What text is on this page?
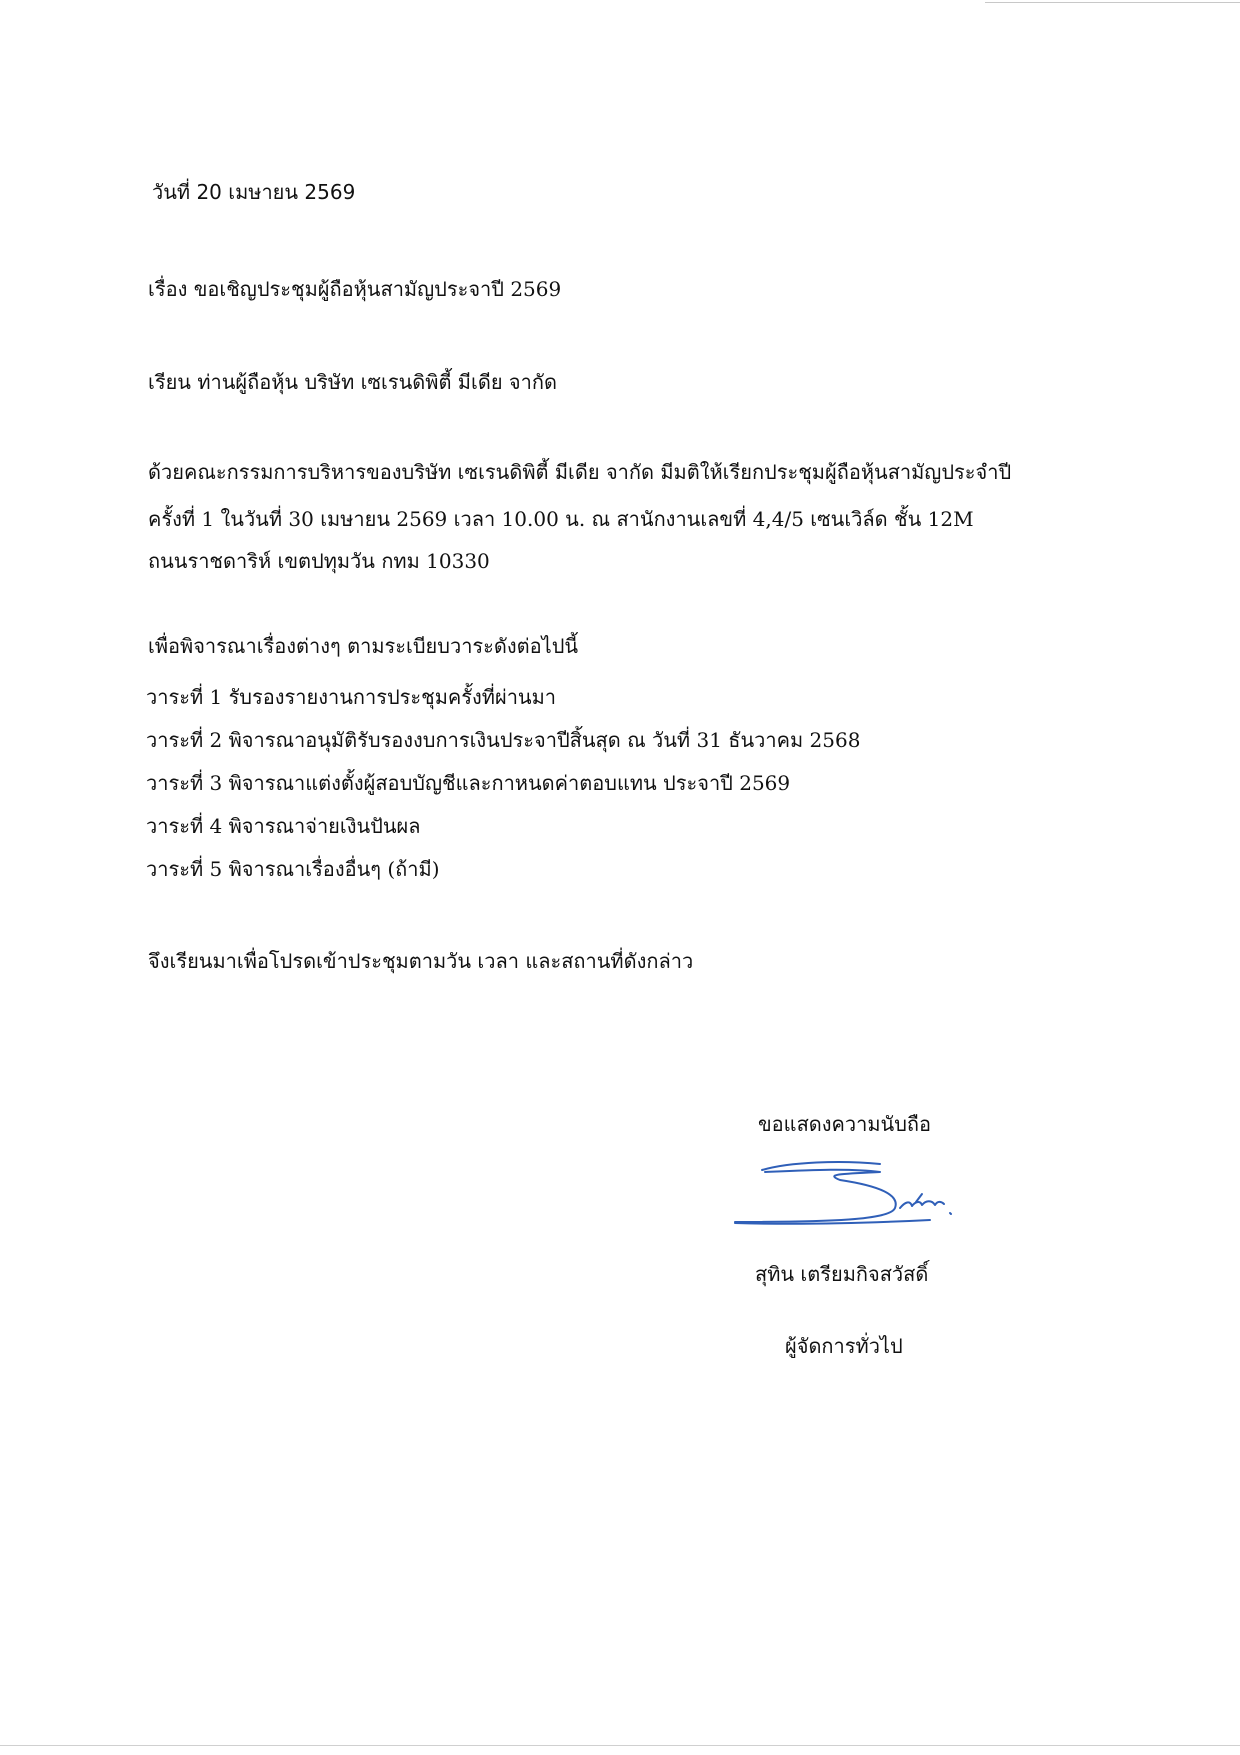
วันที่ 20 เมษายน 2569
เรื่อง ขอเชิญประชุมผู้ถือหุ้นสามัญประจาปี 2569
เรียน ท่านผู้ถือหุ้น บริษัท เซเรนดิพิตี้ มีเดีย จากัด
ด้วยคณะกรรมการบริหารของบริษัท เซเรนดิพิตี้ มีเดีย จากัด มีมติให้เรียกประชุมผู้ถือหุ้นสามัญประจำปี
ครั้งที่ 1 ในวันที่ 30 เมษายน 2569 เวลา 10.00 น. ณ สานักงานเลขที่ 4,4/5 เซนเวิล์ด ชั้น 12M
ถนนราชดาริห์ เขตปทุมวัน กทม 10330
เพื่อพิจารณาเรื่องต่างๆ ตามระเบียบวาระดังต่อไปนี้
วาระที่ 1 รับรองรายงานการประชุมครั้งที่ผ่านมา
วาระที่ 2 พิจารณาอนุมัติรับรองงบการเงินประจาปีสิ้นสุด ณ วันที่ 31 ธันวาคม 2568
วาระที่ 3 พิจารณาแต่งตั้งผู้สอบบัญชีและกาหนดค่าตอบแทน ประจาปี 2569
วาระที่ 4 พิจารณาจ่ายเงินปันผล
วาระที่ 5 พิจารณาเรื่องอื่นๆ (ถ้ามี)
จึงเรียนมาเพื่อโปรดเข้าประชุมตามวัน เวลา และสถานที่ดังกล่าว
ขอแสดงความนับถือ
สุทิน เตรียมกิจสวัสดิ์
ผู้จัดการทั่วไป
